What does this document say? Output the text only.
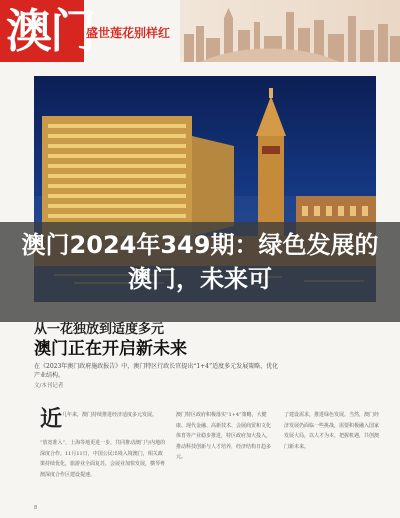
澳门
盛世莲花别样红
澳门2024年349期：绿色发展的澳门，未来可
从一花独放到适度多元
澳门正在开启新未来
在《2023年澳门政府施政报告》中，澳门特区行政长官提出“1+4”适度多元发展策略，优化产业结构。
文/本刊记者
近 几年来，澳门持续推进经济适度多元发展。
“放宽准入”，上海等地更进一步，共同推动澳门与内地的深度合作。11月11日，中国公民出境入境澳门，相关政策持续优化，旅游业全面复苏，会展业加快发展，横琴粤澳深度合作区建设提速。
澳门特区政府积极落实“1+4”策略，大健康、现代金融、高新技术、会展商贸和文化体育等产业稳步推进，特区政府加大投入，推动科技创新与人才培养，经济结构日趋多元。
了建设需求，推进绿色发展。当然，澳门经济发展仍面临一些挑战，需要积极融入国家发展大局，以人才为本，把握机遇，共创澳门新未来。
8
